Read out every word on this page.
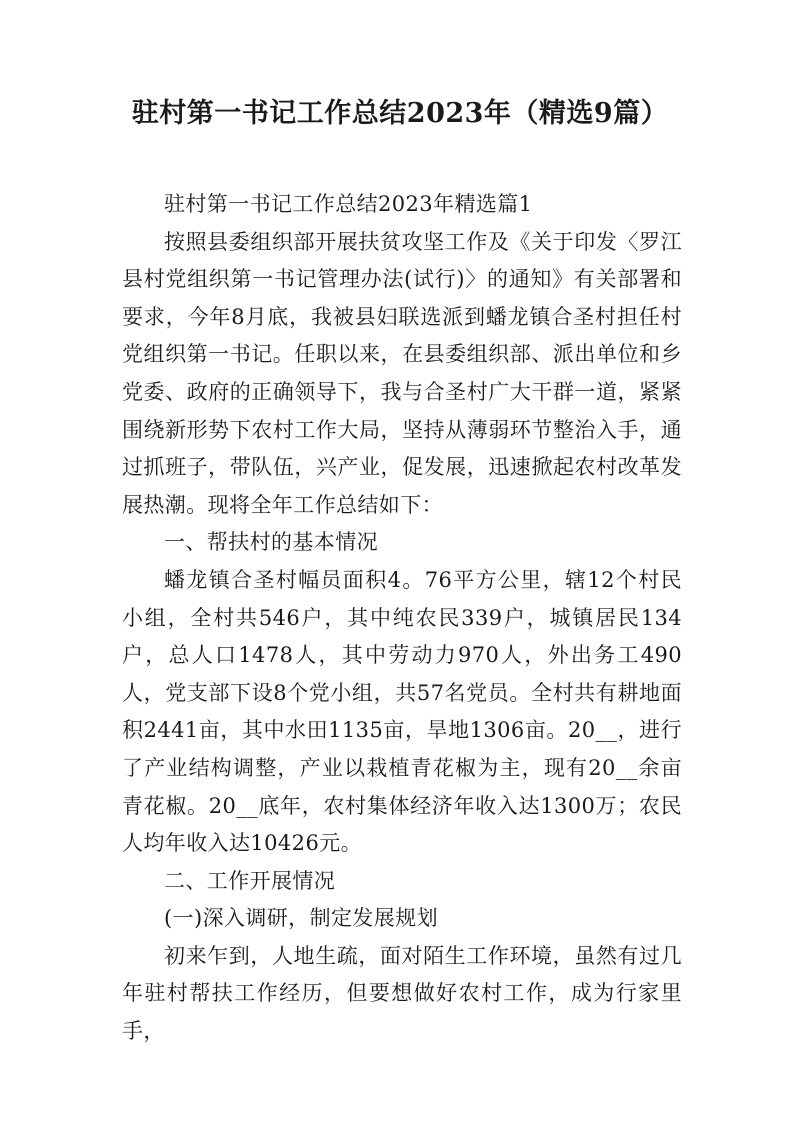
驻村第一书记工作总结2023年（精选9篇）

驻村第一书记工作总结2023年精选篇1

按照县委组织部开展扶贫攻坚工作及《关于印发〈罗江县村党组织第一书记管理办法(试行)〉的通知》有关部署和要求，今年8月底，我被县妇联选派到蟠龙镇合圣村担任村党组织第一书记。任职以来，在县委组织部、派出单位和乡党委、政府的正确领导下，我与合圣村广大干群一道，紧紧围绕新形势下农村工作大局，坚持从薄弱环节整治入手，通过抓班子，带队伍，兴产业，促发展，迅速掀起农村改革发展热潮。现将全年工作总结如下：

一、帮扶村的基本情况

蟠龙镇合圣村幅员面积4。76平方公里，辖12个村民小组，全村共546户，其中纯农民339户，城镇居民134户，总人口1478人，其中劳动力970人，外出务工490人，党支部下设8个党小组，共57名党员。全村共有耕地面积2441亩，其中水田1135亩，旱地1306亩。20__，进行了产业结构调整，产业以栽植青花椒为主，现有20__余亩青花椒。20__底年，农村集体经济年收入达1300万；农民人均年收入达10426元。

二、工作开展情况

(一)深入调研，制定发展规划

初来乍到，人地生疏，面对陌生工作环境，虽然有过几年驻村帮扶工作经历，但要想做好农村工作，成为行家里手，
